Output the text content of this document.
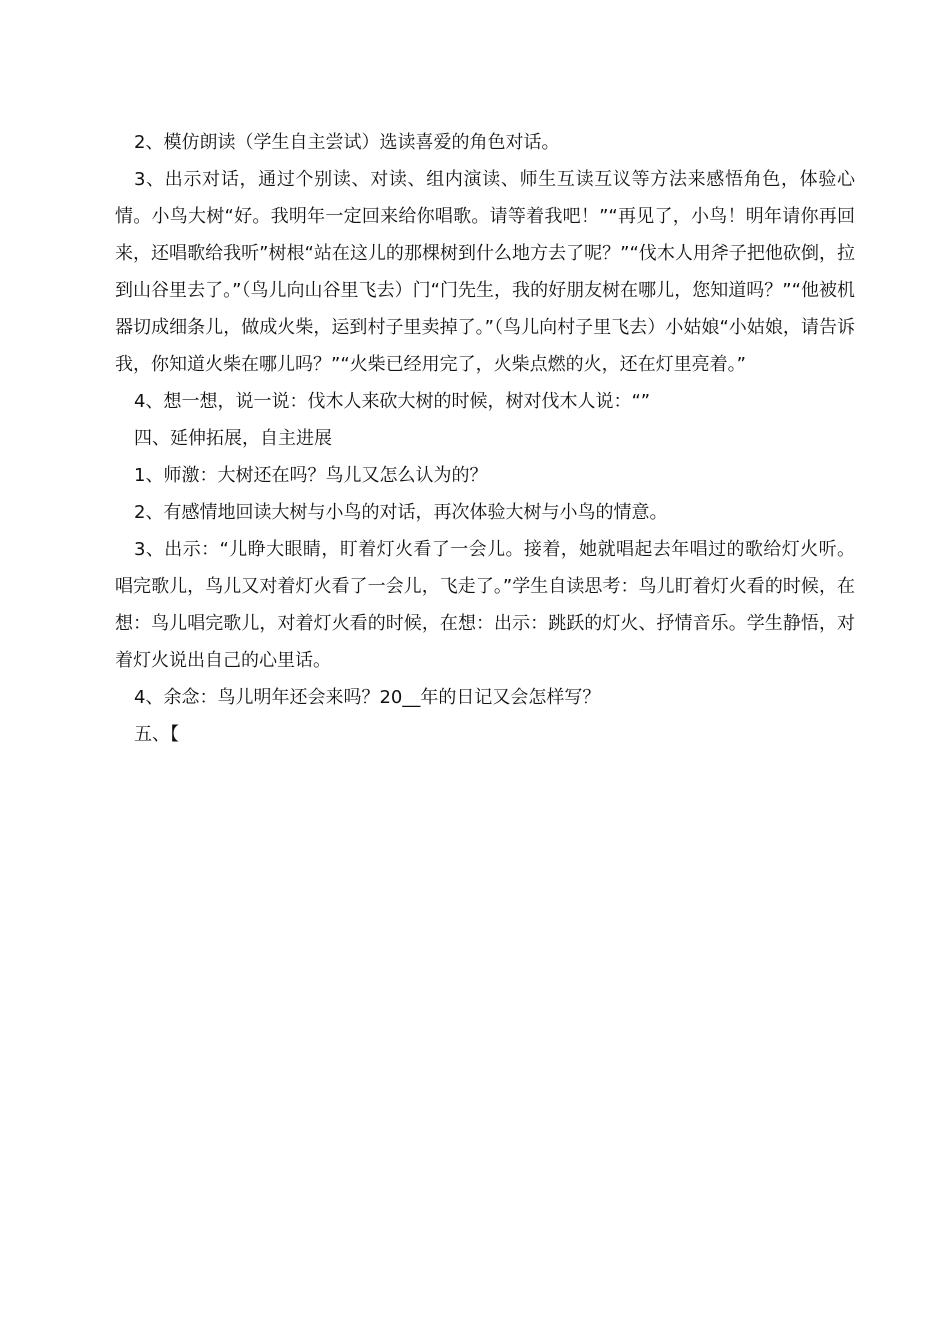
2、模仿朗读（学生自主尝试）选读喜爱的角色对话。

3、出示对话，通过个别读、对读、组内演读、师生互读互议等方法来感悟角色，体验心情。小鸟大树“好。我明年一定回来给你唱歌。请等着我吧！”“再见了，小鸟！明年请你再回来，还唱歌给我听”树根“站在这儿的那棵树到什么地方去了呢？”“伐木人用斧子把他砍倒，拉到山谷里去了。”（鸟儿向山谷里飞去）门“门先生，我的好朋友树在哪儿，您知道吗？”“他被机器切成细条儿，做成火柴，运到村子里卖掉了。”（鸟儿向村子里飞去）小姑娘“小姑娘，请告诉我，你知道火柴在哪儿吗？”“火柴已经用完了，火柴点燃的火，还在灯里亮着。”

4、想一想，说一说：伐木人来砍大树的时候，树对伐木人说：“”

四、延伸拓展，自主进展

1、师激：大树还在吗？鸟儿又怎么认为的？

2、有感情地回读大树与小鸟的对话，再次体验大树与小鸟的情意。

3、出示：“儿睁大眼睛，盯着灯火看了一会儿。接着，她就唱起去年唱过的歌给灯火听。唱完歌儿，鸟儿又对着灯火看了一会儿，飞走了。”学生自读思考：鸟儿盯着灯火看的时候，在想：鸟儿唱完歌儿，对着灯火看的时候，在想：出示：跳跃的灯火、抒情音乐。学生静悟，对着灯火说出自己的心里话。

4、余念：鸟儿明年还会来吗？20__年的日记又会怎样写？

五、【
